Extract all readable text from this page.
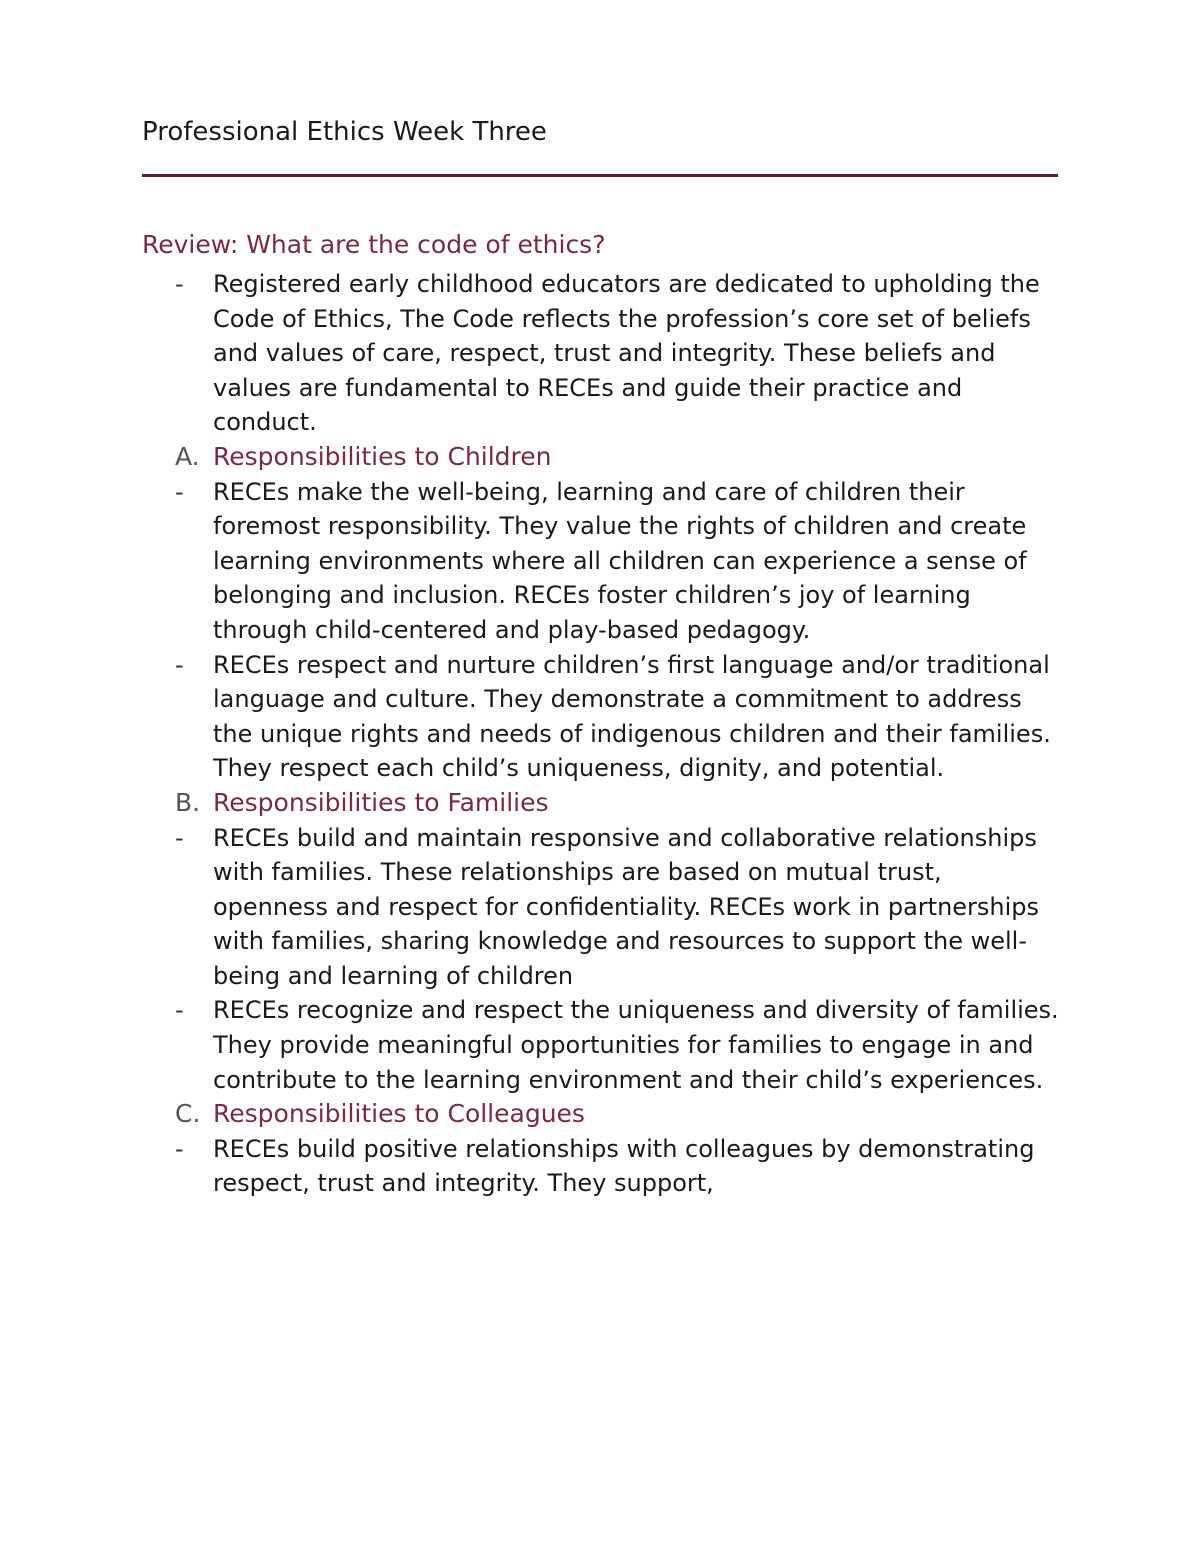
Professional Ethics Week Three
Review: What are the code of ethics?
- Registered early childhood educators are dedicated to upholding the Code of Ethics, The Code reflects the profession’s core set of beliefs and values of care, respect, trust and integrity. These beliefs and values are fundamental to RECEs and guide their practice and conduct.
A. Responsibilities to Children
- RECEs make the well-being, learning and care of children their foremost responsibility. They value the rights of children and create learning environments where all children can experience a sense of belonging and inclusion. RECEs foster children’s joy of learning through child-centered and play-based pedagogy.
- RECEs respect and nurture children’s first language and/or traditional language and culture. They demonstrate a commitment to address the unique rights and needs of indigenous children and their families. They respect each child’s uniqueness, dignity, and potential.
B. Responsibilities to Families
- RECEs build and maintain responsive and collaborative relationships with families. These relationships are based on mutual trust, openness and respect for confidentiality. RECEs work in partnerships with families, sharing knowledge and resources to support the well-being and learning of children
- RECEs recognize and respect the uniqueness and diversity of families. They provide meaningful opportunities for families to engage in and contribute to the learning environment and their child’s experiences.
C. Responsibilities to Colleagues
- RECEs build positive relationships with colleagues by demonstrating respect, trust and integrity. They support,
